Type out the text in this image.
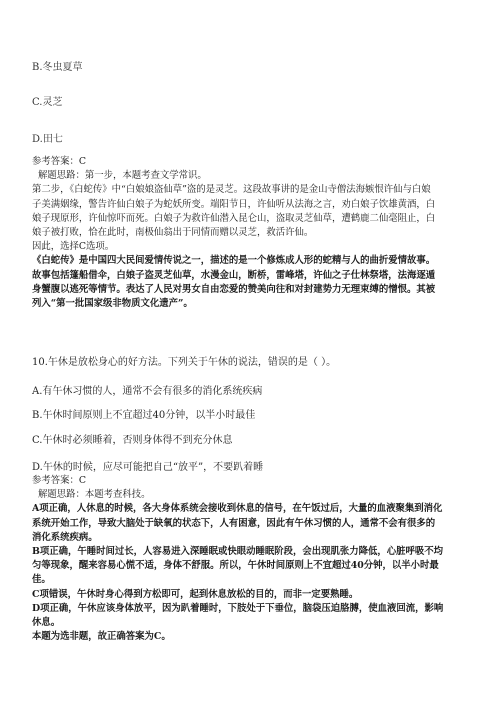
B.冬虫夏草
C.灵芝
D.田七
参考答案：C
解题思路：第一步，本题考查文学常识。
第二步，《白蛇传》中“白娘娘盗仙草”盗的是灵芝。这段故事讲的是金山寺僧法海嫉恨许仙与白娘
子美满姻缘，警告许仙白娘子为蛇妖所变。端阳节日，许仙听从法海之言，劝白娘子饮雄黄酒，白
娘子现原形，许仙惊吓而死。白娘子为救许仙潜入昆仑山，盗取灵芝仙草，遭鹤鹿二仙毫阻止，白
娘子被打败，恰在此时，南极仙翁出于同情而赠以灵芝，救活许仙。
因此，选择C选项。
《白蛇传》是中国四大民间爱情传说之一，描述的是一个修炼成人形的蛇精与人的曲折爱情故事。
故事包括篷船借伞，白娘子盗灵芝仙草，水漫金山，断桥，雷峰塔，许仙之子仕林祭塔，法海逐遁
身蟹腹以逃死等情节。表达了人民对男女自由恋爱的赞美向往和对封建势力无理束缚的憎恨。其被
列入“第一批国家级非物质文化遗产”。
10.午休是放松身心的好方法。下列关于午休的说法，错误的是（ ）。
A.有午休习惯的人，通常不会有很多的消化系统疾病
B.午休时间原则上不宜超过40分钟，以半小时最佳
C.午休时必须睡着，否则身体得不到充分休息
D.午休的时候，应尽可能把自己“放平”，不要趴着睡
参考答案：C
解题思路：本题考查科技。
A项正确，人休息的时候，各大身体系统会接收到休息的信号，在午饭过后，大量的血液聚集到消化
系统开始工作，导致大脑处于缺氧的状态下，人有困意，因此有午休习惯的人，通常不会有很多的
消化系统疾病。
B项正确，午睡时间过长，人容易进入深睡眠或快眼动睡眠阶段，会出现肌张力降低，心脏呼吸不均
匀等现象，醒来容易心慌不适，身体不舒服。所以，午休时间原则上不宜超过40分钟，以半小时最
佳。
C项错误，午休时身心得到方松即可，起到休息放松的目的，而非一定要熟睡。
D项正确，午休应该身体放平，因为趴着睡时，下肢处于下垂位，脑袋压迫胳膊，使血液回流，影响
休息。
本题为选非题，故正确答案为C。
